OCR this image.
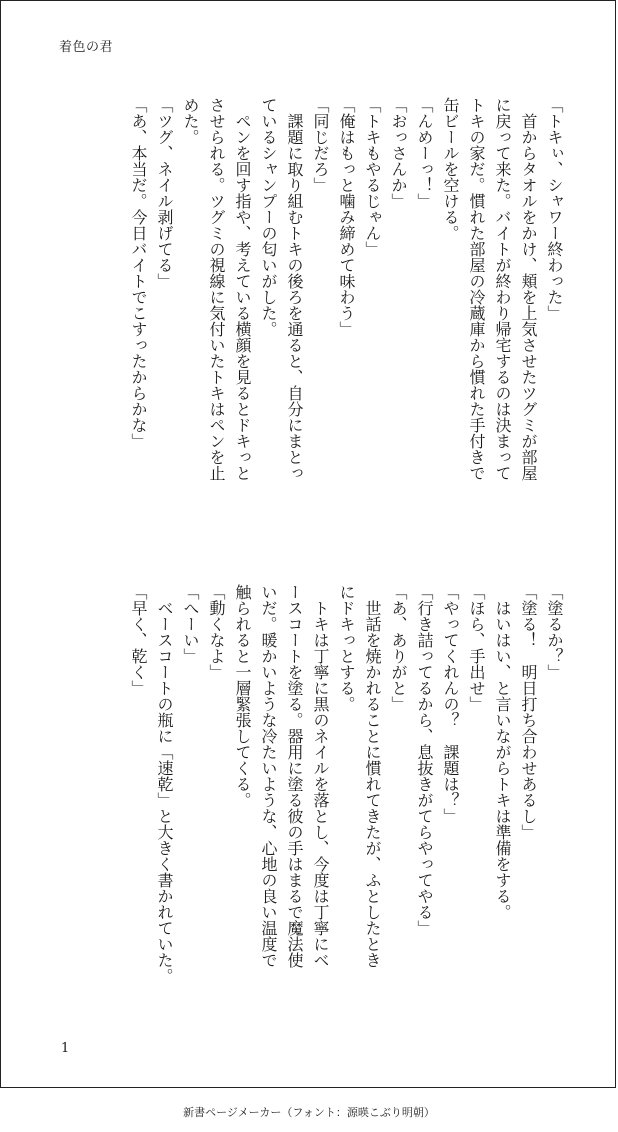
着色の君
「トキぃ、シャワー終わった」
　首からタオルをかけ、頬を上気させたツグミが部屋
に戻って来た。バイトが終わり帰宅するのは決まって
トキの家だ。慣れた部屋の冷蔵庫から慣れた手付きで
缶ビールを空ける。
「んめーっ！」
「おっさんか」
「トキもやるじゃん」
「俺はもっと噛み締めて味わう」
「同じだろ」
　課題に取り組むトキの後ろを通ると、自分にまとっ
ているシャンプーの匂いがした。
　ペンを回す指や、考えている横顔を見るとドキっと
させられる。ツグミの視線に気付いたトキはペンを止
めた。
「ツグ、ネイル剥げてる」
「あ、本当だ。今日バイトでこすったからかな」
「塗るか？」
「塗る！　明日打ち合わせあるし」
　はいはい、と言いながらトキは準備をする。
「ほら、手出せ」
「やってくれんの？　課題は？」
「行き詰ってるから、息抜きがてらやってやる」
「あ、ありがと」
　世話を焼かれることに慣れてきたが、ふとしたとき
にドキっとする。
　トキは丁寧に黒のネイルを落とし、今度は丁寧にベ
ースコートを塗る。器用に塗る彼の手はまるで魔法使
いだ。暖かいような冷たいような、心地の良い温度で
触られると一層緊張してくる。
「動くなよ」
「へーい」
　ベースコートの瓶に「速乾」と大きく書かれていた。
「早く、乾く」
1
新書ページメーカー（フォント：源暎こぶり明朝）
